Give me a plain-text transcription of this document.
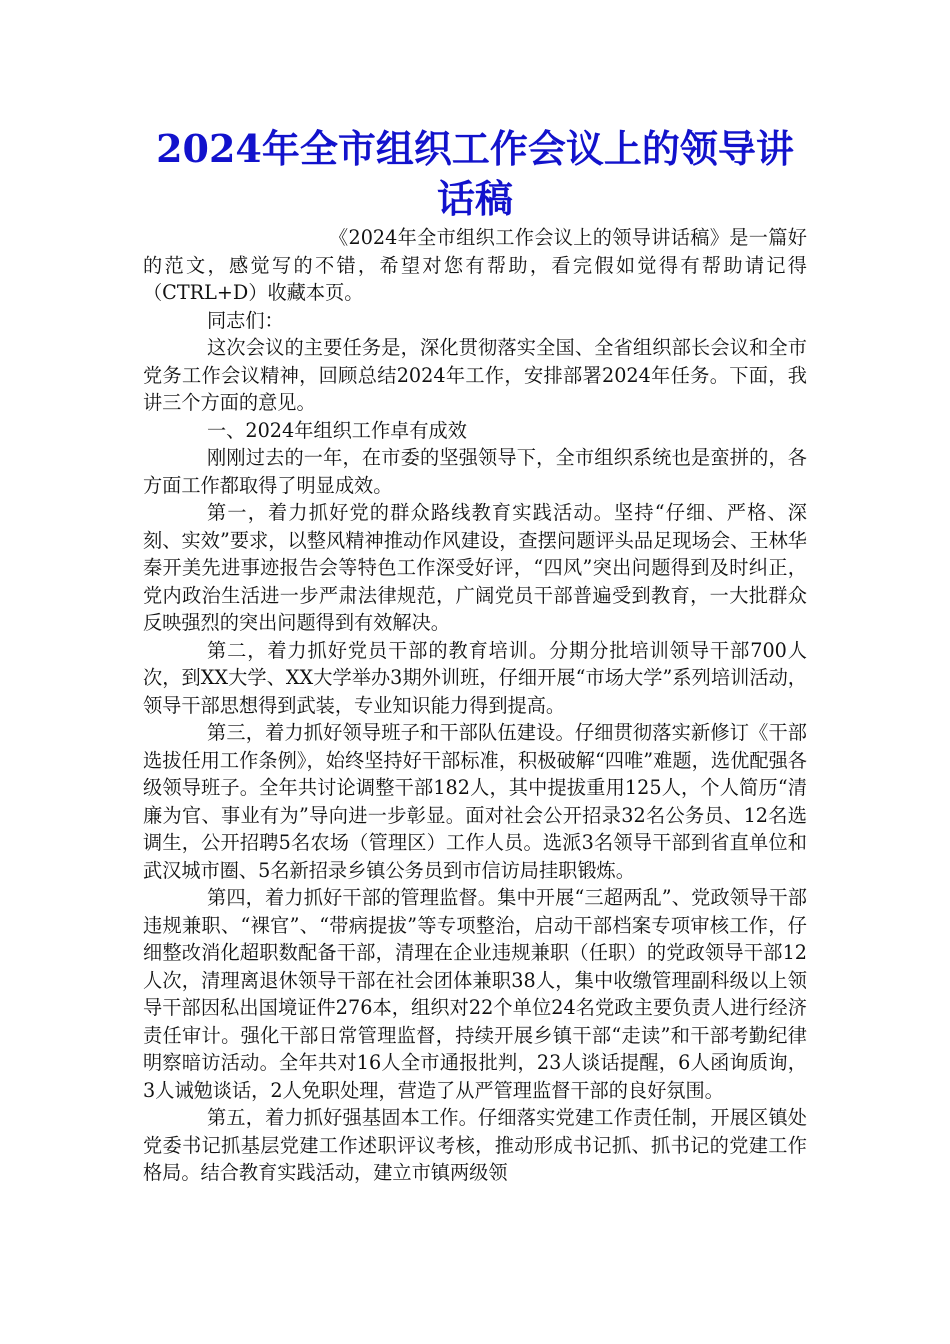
2024年全市组织工作会议上的领导讲话稿

《2024年全市组织工作会议上的领导讲话稿》是一篇好的范文，感觉写的不错，希望对您有帮助，看完假如觉得有帮助请记得（CTRL+D）收藏本页。

同志们：

这次会议的主要任务是，深化贯彻落实全国、全省组织部长会议和全市党务工作会议精神，回顾总结2024年工作，安排部署2024年任务。下面，我讲三个方面的意见。

一、2024年组织工作卓有成效

刚刚过去的一年，在市委的坚强领导下，全市组织系统也是蛮拼的，各方面工作都取得了明显成效。

第一，着力抓好党的群众路线教育实践活动。坚持“仔细、严格、深刻、实效”要求，以整风精神推动作风建设，查摆问题评头品足现场会、王林华秦开美先进事迹报告会等特色工作深受好评，“四风”突出问题得到及时纠正，党内政治生活进一步严肃法律规范，广阔党员干部普遍受到教育，一大批群众反映强烈的突出问题得到有效解决。

第二，着力抓好党员干部的教育培训。分期分批培训领导干部700人次，到XX大学、XX大学举办3期外训班，仔细开展“市场大学”系列培训活动，领导干部思想得到武装，专业知识能力得到提高。

第三，着力抓好领导班子和干部队伍建设。仔细贯彻落实新修订《干部选拔任用工作条例》，始终坚持好干部标准，积极破解“四唯”难题，选优配强各级领导班子。全年共讨论调整干部182人，其中提拔重用125人，个人简历“清廉为官、事业有为”导向进一步彰显。面对社会公开招录32名公务员、12名选调生，公开招聘5名农场（管理区）工作人员。选派3名领导干部到省直单位和武汉城市圈、5名新招录乡镇公务员到市信访局挂职锻炼。

第四，着力抓好干部的管理监督。集中开展“三超两乱”、党政领导干部违规兼职、“裸官”、“带病提拔”等专项整治，启动干部档案专项审核工作，仔细整改消化超职数配备干部，清理在企业违规兼职（任职）的党政领导干部12人次，清理离退休领导干部在社会团体兼职38人，集中收缴管理副科级以上领导干部因私出国境证件276本，组织对22个单位24名党政主要负责人进行经济责任审计。强化干部日常管理监督，持续开展乡镇干部“走读”和干部考勤纪律明察暗访活动。全年共对16人全市通报批判，23人谈话提醒，6人函询质询，3人诫勉谈话，2人免职处理，营造了从严管理监督干部的良好氛围。

第五，着力抓好强基固本工作。仔细落实党建工作责任制，开展区镇处党委书记抓基层党建工作述职评议考核，推动形成书记抓、抓书记的党建工作格局。结合教育实践活动，建立市镇两级领
